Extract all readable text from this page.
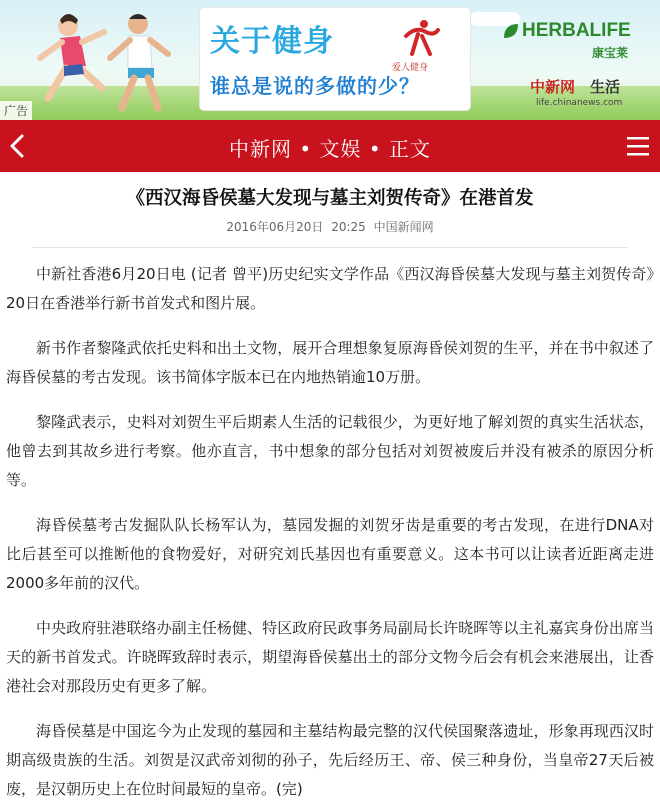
关于健身
谁总是说的多做的少？
爱人健身
HERBALIFE
康宝莱
中新网 生活
life.chinanews.com
广告
中新网 • 文娱 • 正文
《西汉海昏侯墓大发现与墓主刘贺传奇》在港首发
2016年06月20日 20:25 中国新闻网

中新社香港6月20日电 (记者 曾平)历史纪实文学作品《西汉海昏侯墓大发现与墓主刘贺传奇》20日在香港举行新书首发式和图片展。

新书作者黎隆武依托史料和出土文物，展开合理想象复原海昏侯刘贺的生平，并在书中叙述了海昏侯墓的考古发现。该书简体字版本已在内地热销逾10万册。

黎隆武表示，史料对刘贺生平后期素人生活的记载很少，为更好地了解刘贺的真实生活状态，他曾去到其故乡进行考察。他亦直言，书中想象的部分包括对刘贺被废后并没有被杀的原因分析等。

海昏侯墓考古发掘队队长杨军认为，墓园发掘的刘贺牙齿是重要的考古发现，在进行DNA对比后甚至可以推断他的食物爱好，对研究刘氏基因也有重要意义。这本书可以让读者近距离走进2000多年前的汉代。

中央政府驻港联络办副主任杨健、特区政府民政事务局副局长许晓晖等以主礼嘉宾身份出席当天的新书首发式。许晓晖致辞时表示，期望海昏侯墓出土的部分文物今后会有机会来港展出，让香港社会对那段历史有更多了解。

海昏侯墓是中国迄今为止发现的墓园和主墓结构最完整的汉代侯国聚落遗址，形象再现西汉时期高级贵族的生活。刘贺是汉武帝刘彻的孙子，先后经历王、帝、侯三种身份，当皇帝27天后被废，是汉朝历史上在位时间最短的皇帝。(完)
